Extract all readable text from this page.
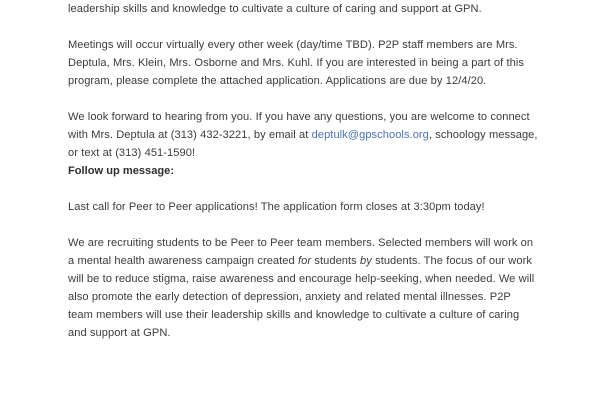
leadership skills and knowledge to cultivate a culture of caring and support at GPN.

Meetings will occur virtually every other week (day/time TBD). P2P staff members are Mrs. Deptula, Mrs. Klein, Mrs. Osborne and Mrs. Kuhl. If you are interested in being a part of this program, please complete the attached application. Applications are due by 12/4/20.

We look forward to hearing from you. If you have any questions, you are welcome to connect with Mrs. Deptula at (313) 432-3221, by email at deptulk@gpschools.org, schoology message, or text at (313) 451-1590!

Follow up message:

Last call for Peer to Peer applications! The application form closes at 3:30pm today!

We are recruiting students to be Peer to Peer team members. Selected members will work on a mental health awareness campaign created for students by students. The focus of our work will be to reduce stigma, raise awareness and encourage help-seeking, when needed. We will also promote the early detection of depression, anxiety and related mental illnesses. P2P team members will use their leadership skills and knowledge to cultivate a culture of caring and support at GPN.
